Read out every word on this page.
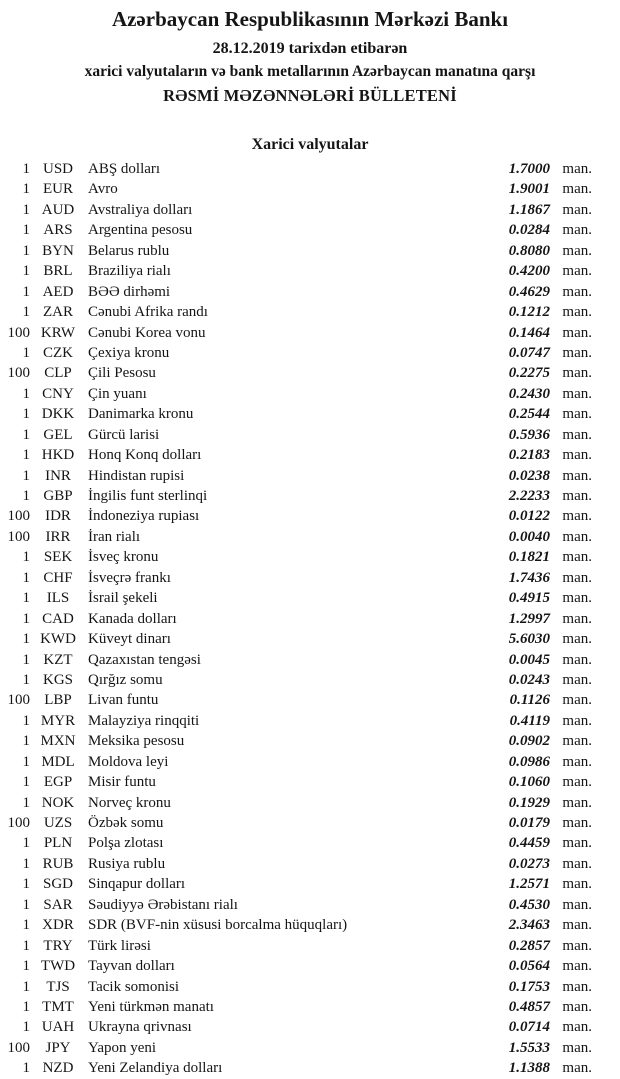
Azərbaycan Respublikasının Mərkəzi Bankı
28.12.2019 tarixdən etibarən
xarici valyutaların və bank metallarının Azərbaycan manatına qarşı
RƏSMİ MƏZƏNNƏLƏRİ BÜLLETENİ
Xarici valyutalar
1 USD	ABŞ dolları	1.7000 man.
1 EUR	Avro	1.9001 man.
1 AUD Avstraliya dolları	1.1867 man.
1 ARS	Argentina pesosu	0.0284 man.
1 BYN Belarus rublu	0.8080 man.
1 BRL	Braziliya rialı	0.4200 man.
1 AED BƏƏ dirhəmi	0.4629 man.
1 ZAR	Cənubi Afrika randı	0.1212 man.
100 KRW Cənubi Korea vonu	0.1464 man.
1 CZK	Çexiya kronu	0.0747 man.
100 CLP	Çili Pesosu	0.2275 man.
1 CNY Çin yuanı	0.2430 man.
1 DKK Danimarka kronu	0.2544 man.
1 GEL	Gürcü larisi	0.5936 man.
1 HKD Honq Konq dolları	0.2183 man.
1	INR	Hindistan rupisi	0.0238 man.
1 GBP	İngilis funt sterlinqi	2.2233 man.
100	IDR	İndoneziya rupiası	0.0122 man.
100	IRR	İran rialı	0.0040 man.
1 SEK	İsveç kronu	0.1821 man.
1 CHF	İsveçrə frankı	1.7436 man.
1	ILS	İsrail şekeli	0.4915 man.
1 CAD Kanada dolları	1.2997 man.
1 KWD Küveyt dinarı	5.6030 man.
1 KZT	Qazaxıstan tengəsi	0.0045 man.
1 KGS	Qırğız somu	0.0243 man.
100 LBP	Livan funtu	0.1126 man.
1 MYR Malayziya rinqqiti	0.4119 man.
1 MXN Meksika pesosu	0.0902 man.
1 MDL Moldova leyi	0.0986 man.
1 EGP	Misir funtu	0.1060 man.
1 NOK Norveç kronu	0.1929 man.
100 UZS	Özbək somu	0.0179 man.
1 PLN	Polşa zlotası	0.4459 man.
1 RUB Rusiya rublu	0.0273 man.
1 SGD	Sinqapur dolları	1.2571 man.
1 SAR	Səudiyyə Ərəbistanı rialı	0.4530 man.
1 XDR SDR (BVF-nin xüsusi borcalma hüquqları)	2.3463 man.
1 TRY	Türk lirəsi	0.2857 man.
1 TWD Tayvan dolları	0.0564 man.
1	TJS	Tacik somonisi	0.1753 man.
1 TMT Yeni türkmən manatı	0.4857 man.
1 UAH Ukrayna qrivnası	0.0714 man.
100	JPY	Yapon yeni	1.5533 man.
1 NZD Yeni Zelandiya dolları	1.1388 man.
